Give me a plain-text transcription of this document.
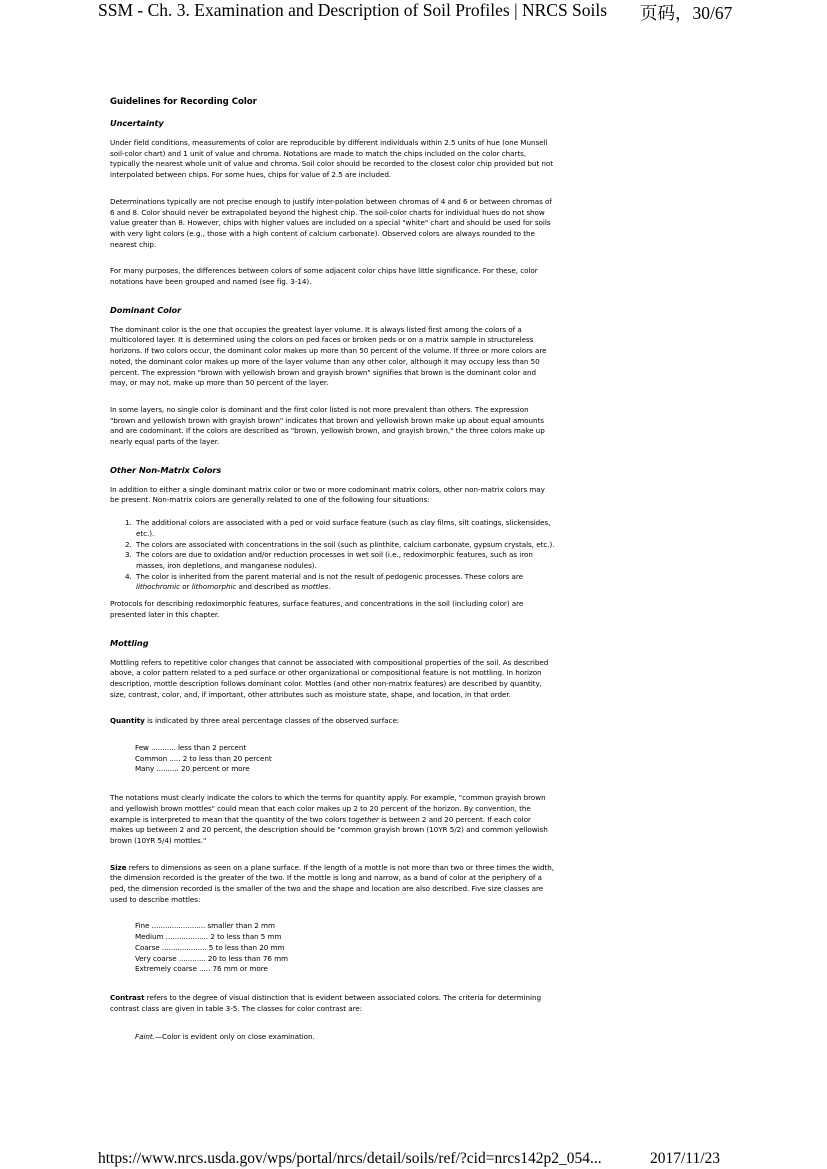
SSM - Ch. 3. Examination and Description of Soil Profiles | NRCS Soils 页码，30/67
Guidelines for Recording Color
Uncertainty

Under field conditions, measurements of color are reproducible by different individuals within 2.5 units of hue (one Munsell soil-color chart) and 1 unit of value and chroma. Notations are made to match the chips included on the color charts, typically the nearest whole unit of value and chroma. Soil color should be recorded to the closest color chip provided but not interpolated between chips. For some hues, chips for value of 2.5 are included.

Determinations typically are not precise enough to justify inter-polation between chromas of 4 and 6 or between chromas of 6 and 8. Color should never be extrapolated beyond the highest chip. The soil-color charts for individual hues do not show value greater than 8. However, chips with higher values are included on a special "white" chart and should be used for soils with very light colors (e.g., those with a high content of calcium carbonate). Observed colors are always rounded to the nearest chip.

For many purposes, the differences between colors of some adjacent color chips have little significance. For these, color notations have been grouped and named (see fig. 3-14).

Dominant Color

The dominant color is the one that occupies the greatest layer volume. It is always listed first among the colors of a multicolored layer. It is determined using the colors on ped faces or broken peds or on a matrix sample in structureless horizons. If two colors occur, the dominant color makes up more than 50 percent of the volume. If three or more colors are noted, the dominant color makes up more of the layer volume than any other color, although it may occupy less than 50 percent. The expression "brown with yellowish brown and grayish brown" signifies that brown is the dominant color and may, or may not, make up more than 50 percent of the layer.

In some layers, no single color is dominant and the first color listed is not more prevalent than others. The expression "brown and yellowish brown with grayish brown" indicates that brown and yellowish brown make up about equal amounts and are codominant. If the colors are described as "brown, yellowish brown, and grayish brown," the three colors make up nearly equal parts of the layer.

Other Non-Matrix Colors

In addition to either a single dominant matrix color or two or more codominant matrix colors, other non-matrix colors may be present. Non-matrix colors are generally related to one of the following four situations:

1. The additional colors are associated with a ped or void surface feature (such as clay films, silt coatings, slickensides, etc.).
2. The colors are associated with concentrations in the soil (such as plinthite, calcium carbonate, gypsum crystals, etc.).
3. The colors are due to oxidation and/or reduction processes in wet soil (i.e., redoximorphic features, such as iron masses, iron depletions, and manganese nodules).
4. The color is inherited from the parent material and is not the result of pedogenic processes. These colors are lithochromic or lithomorphic and described as mottles.

Protocols for describing redoximorphic features, surface features, and concentrations in the soil (including color) are presented later in this chapter.

Mottling

Mottling refers to repetitive color changes that cannot be associated with compositional properties of the soil. As described above, a color pattern related to a ped surface or other organizational or compositional feature is not mottling. In horizon description, mottle description follows dominant color. Mottles (and other non-matrix features) are described by quantity, size, contrast, color, and, if important, other attributes such as moisture state, shape, and location, in that order.

Quantity is indicated by three areal percentage classes of the observed surface:

Few ........... less than 2 percent
Common ..... 2 to less than 20 percent
Many .......... 20 percent or more

The notations must clearly indicate the colors to which the terms for quantity apply. For example, "common grayish brown and yellowish brown mottles" could mean that each color makes up 2 to 20 percent of the horizon. By convention, the example is interpreted to mean that the quantity of the two colors together is between 2 and 20 percent. If each color makes up between 2 and 20 percent, the description should be "common grayish brown (10YR 5/2) and common yellowish brown (10YR 5/4) mottles."

Size refers to dimensions as seen on a plane surface. If the length of a mottle is not more than two or three times the width, the dimension recorded is the greater of the two. If the mottle is long and narrow, as a band of color at the periphery of a ped, the dimension recorded is the smaller of the two and the shape and location are also described. Five size classes are used to describe mottles:

Fine ........................ smaller than 2 mm
Medium ................... 2 to less than 5 mm
Coarse .................... 5 to less than 20 mm
Very coarse ............ 20 to less than 76 mm
Extremely coarse ..... 76 mm or more

Contrast refers to the degree of visual distinction that is evident between associated colors. The criteria for determining contrast class are given in table 3-5. The classes for color contrast are:

Faint.—Color is evident only on close examination.
https://www.nrcs.usda.gov/wps/portal/nrcs/detail/soils/ref/?cid=nrcs142p2_054...	2017/11/23
